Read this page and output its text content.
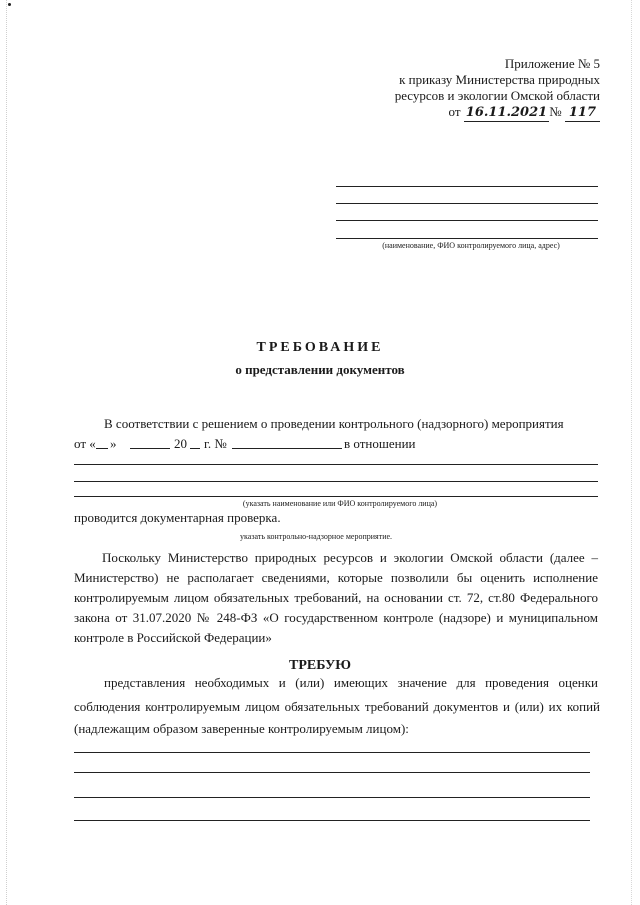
Приложение № 5
к приказу Министерства природных
ресурсов и экологии Омской области
от 16.11.2021 № 117
(наименование, ФИО контролируемого лица, адрес)
ТРЕБОВАНИЕ
о представлении документов
В соответствии с решением о проведении контрольного (надзорного) мероприятия
от « »	20 г. №	в отношении
(указать наименование или ФИО контролируемого лица)
проводится документарная проверка.
указать контрольно-надзорное мероприятие.
Поскольку Министерство природных ресурсов и экологии Омской области (далее – Министерство) не располагает сведениями, которые позволили бы оценить исполнение контролируемым лицом обязательных требований, на основании ст. 72, ст.80 Федерального закона от 31.07.2020 № 248-ФЗ «О государственном контроле (надзоре) и муниципальном контроле в Российской Федерации»
ТРЕБУЮ
представления необходимых и (или) имеющих значение для проведения оценки
соблюдения контролируемым лицом обязательных требований документов и (или) их копий (надлежащим образом заверенные контролируемым лицом):
